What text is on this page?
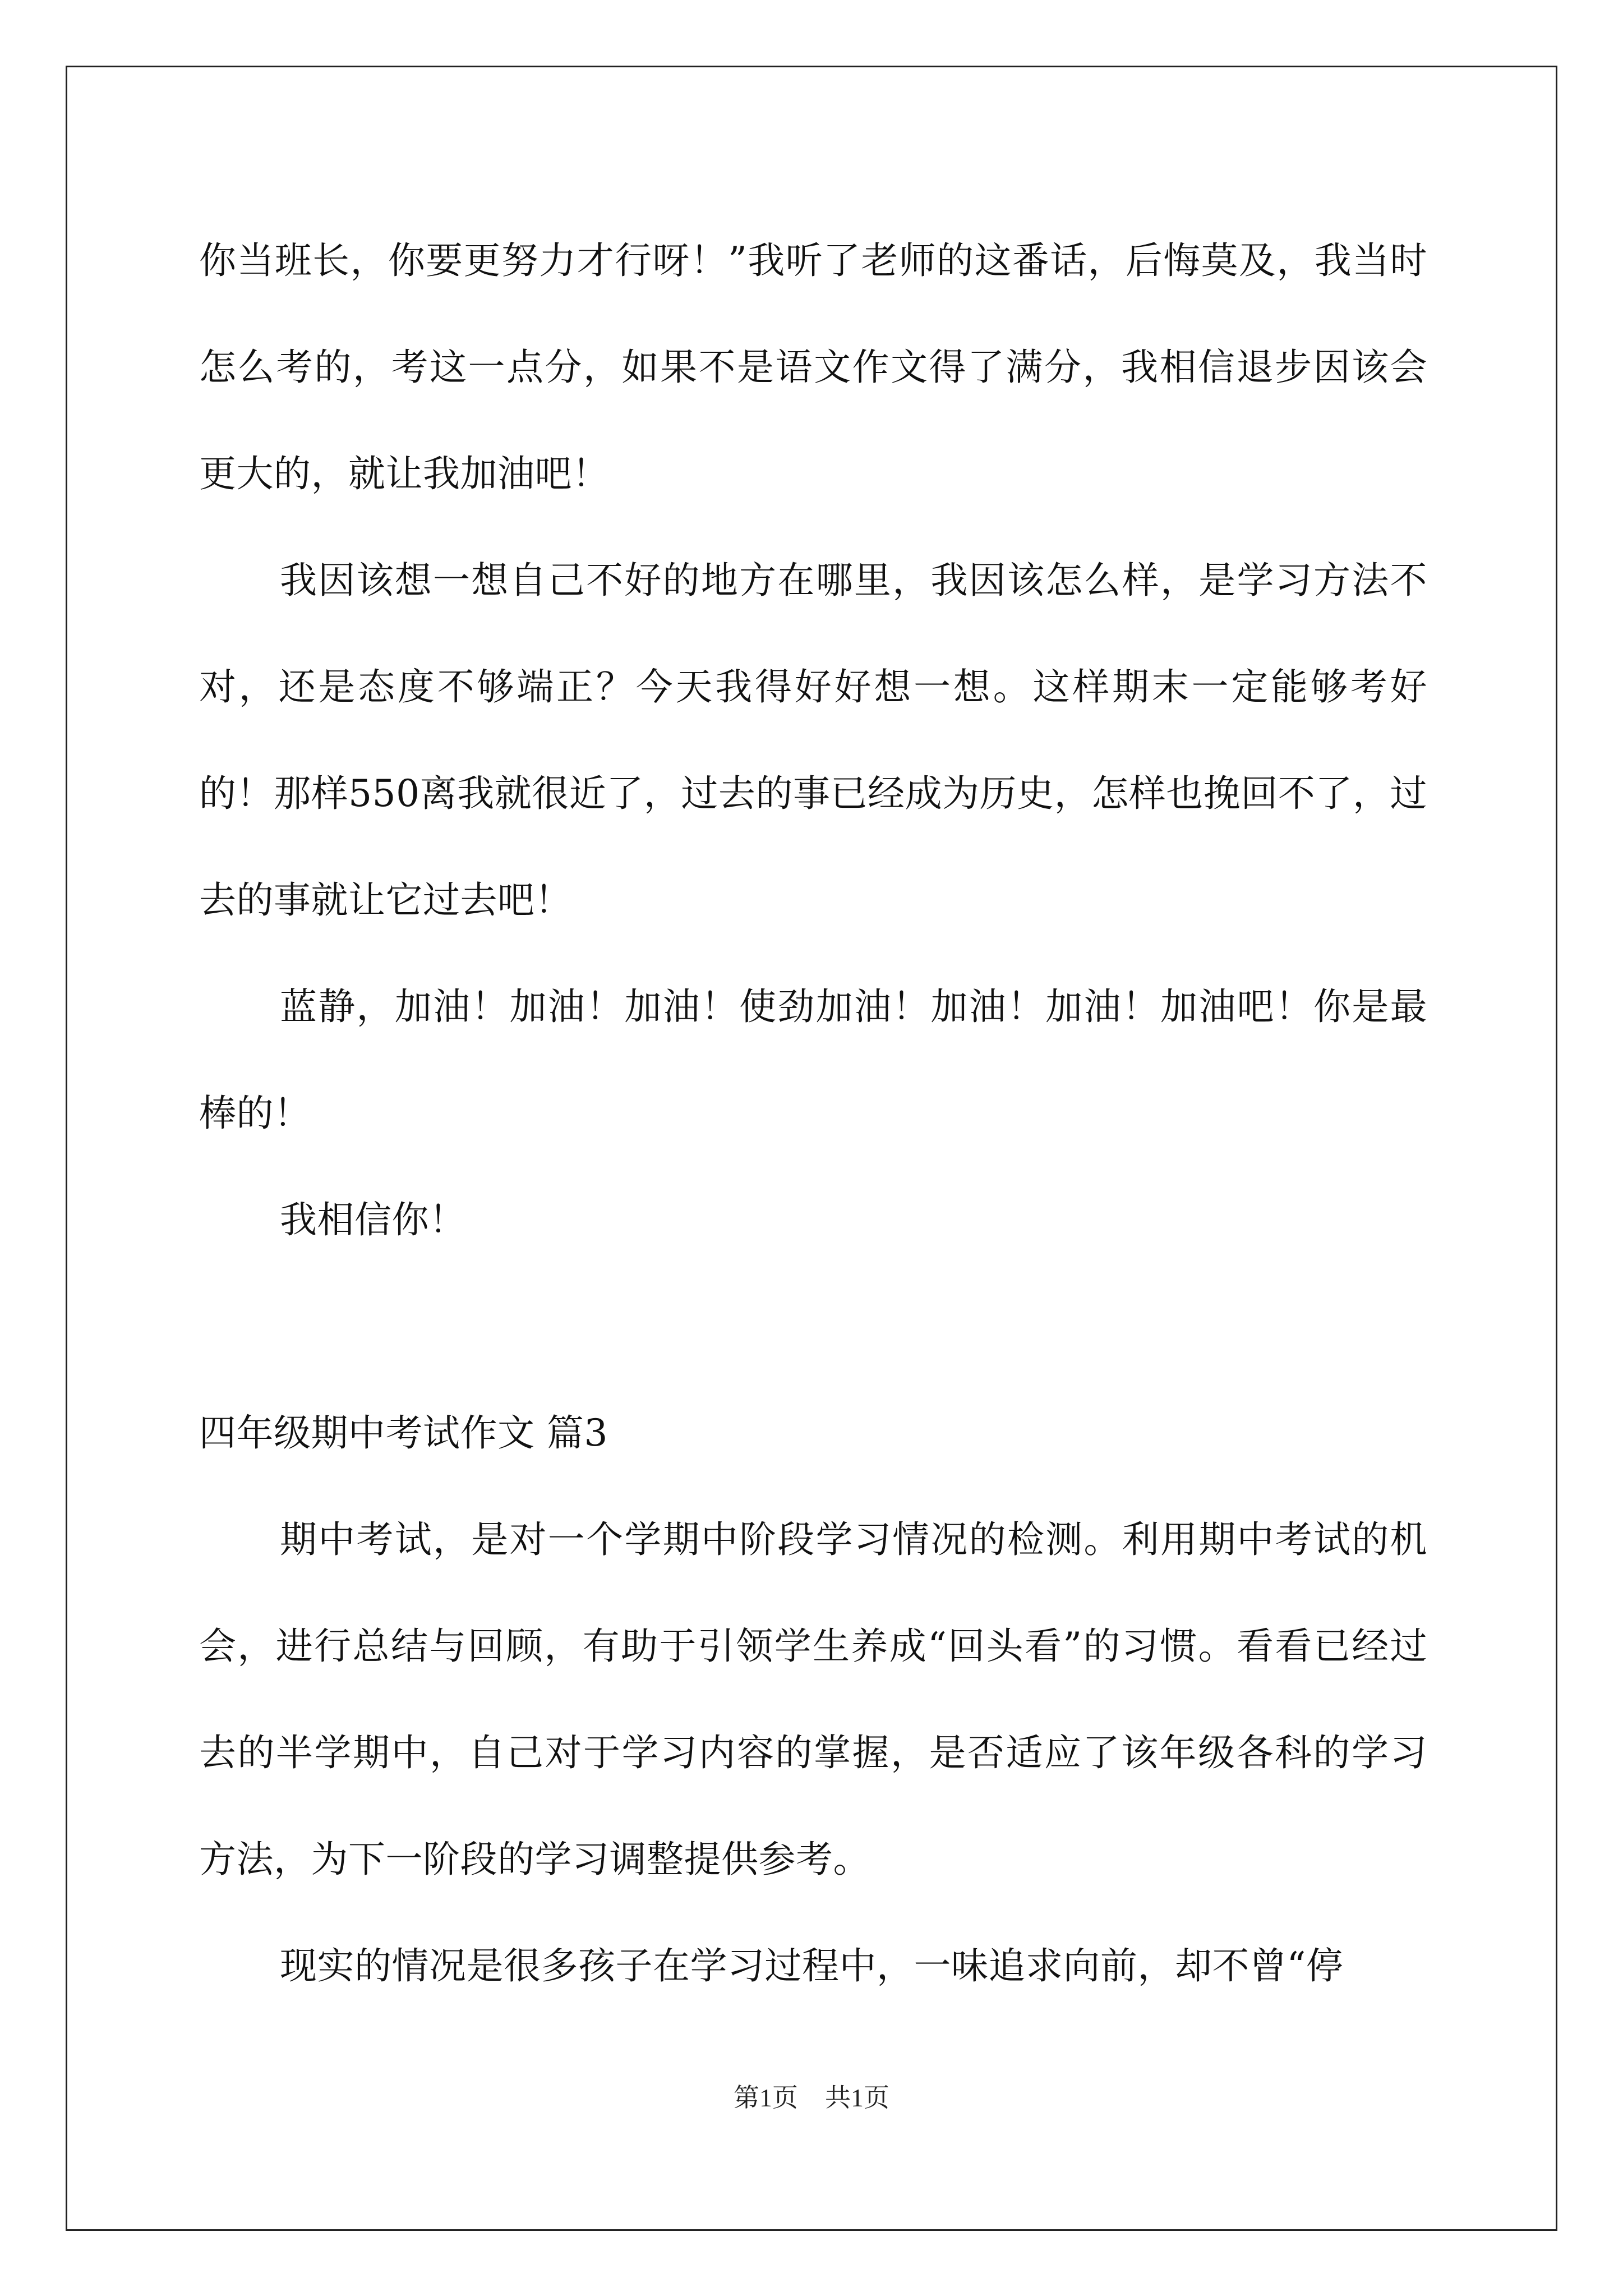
你当班长，你要更努力才行呀！”我听了老师的这番话，后悔莫及，我当时怎么考的，考这一点分，如果不是语文作文得了满分，我相信退步因该会更大的，就让我加油吧！

我因该想一想自己不好的地方在哪里，我因该怎么样，是学习方法不对，还是态度不够端正？今天我得好好想一想。这样期末一定能够考好的！那样550离我就很近了，过去的事已经成为历史，怎样也挽回不了，过去的事就让它过去吧！

蓝静，加油！加油！加油！使劲加油！加油！加油！加油吧！你是最棒的！

我相信你！

四年级期中考试作文 篇3

期中考试，是对一个学期中阶段学习情况的检测。利用期中考试的机会，进行总结与回顾，有助于引领学生养成“回头看”的习惯。看看已经过去的半学期中，自己对于学习内容的掌握，是否适应了该年级各科的学习方法，为下一阶段的学习调整提供参考。

现实的情况是很多孩子在学习过程中，一味追求向前，却不曾“停

第1页 共1页
